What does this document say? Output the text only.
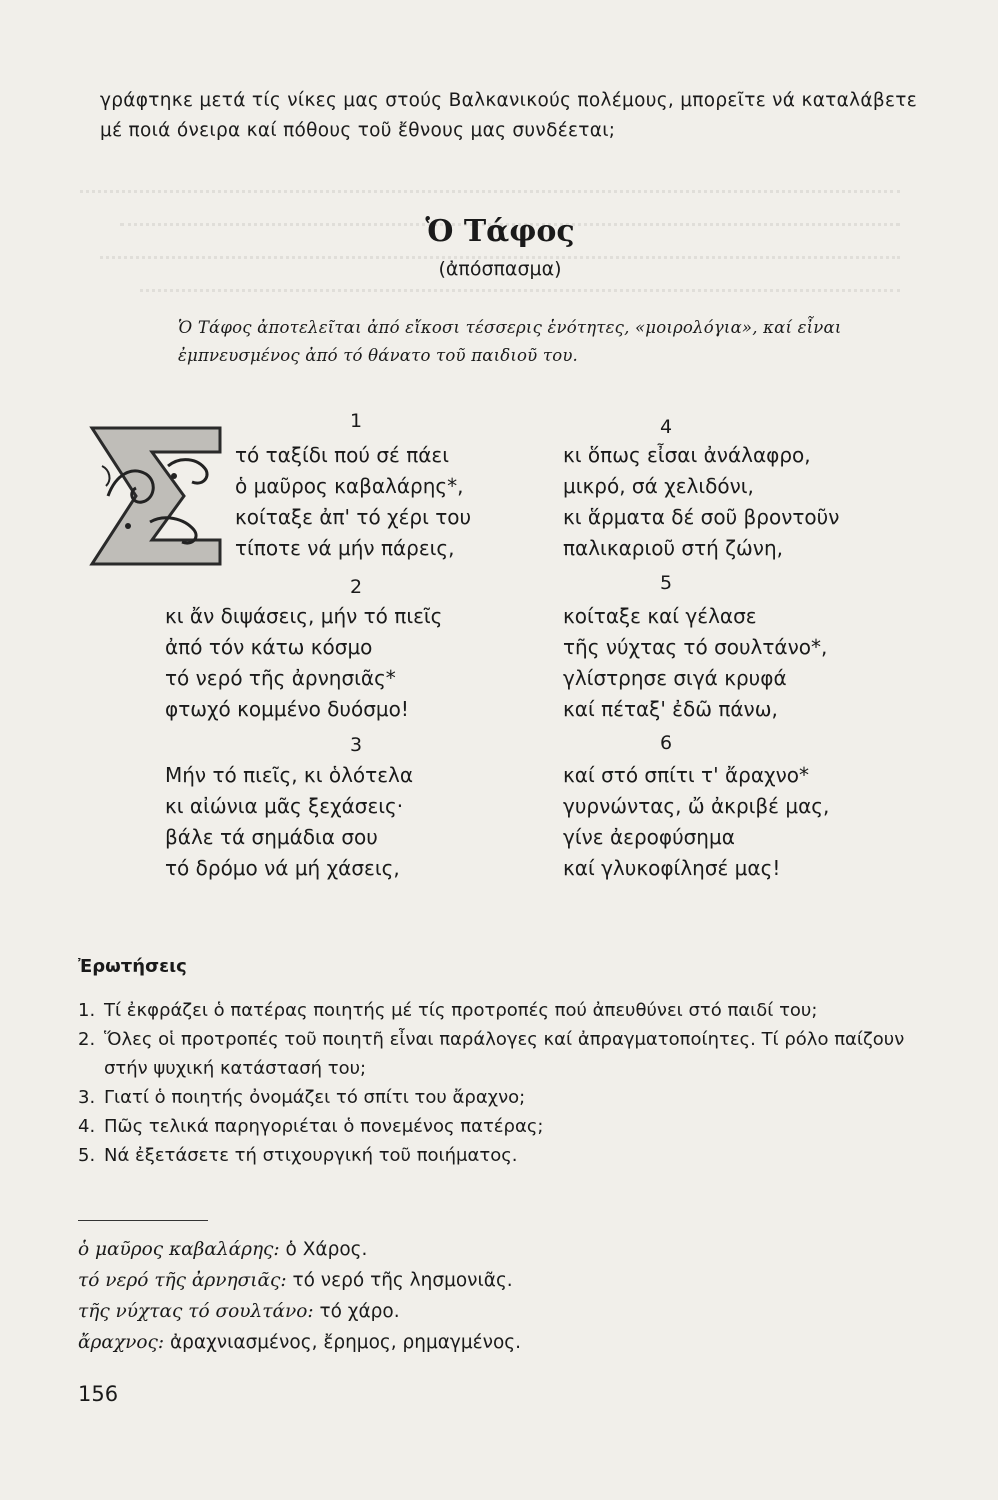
γράφτηκε μετά τίς νίκες μας στούς Βαλκανικούς πολέμους, μπορεῖτε νά καταλάβετε μέ ποιά όνειρα καί πόθους τοῦ ἔθνους μας συνδέεται;
Ὁ Τάφος
(ἀπόσπασμα)
Ὁ Τάφος ἀποτελεῖται ἀπό εἴκοσι τέσσερις ἑνότητες, «μοιρολόγια», καί εἶναι ἐμπνευσμένος ἀπό τό θάνατο τοῦ παιδιοῦ του.
1
τό ταξίδι πού σέ πάει
ὁ μαῦρος καβαλάρης*,
κοίταξε ἀπ' τό χέρι του
τίποτε νά μήν πάρεις,
2
κι ἄν διψάσεις, μήν τό πιεῖς
ἀπό τόν κάτω κόσμο
τό νερό τῆς ἀρνησιᾶς*
φτωχό κομμένο δυόσμο!
3
Μήν τό πιεῖς, κι ὁλότελα
κι αἰώνια μᾶς ξεχάσεις·
βάλε τά σημάδια σου
τό δρόμο νά μή χάσεις,
4
κι ὅπως εἶσαι ἀνάλαφρο,
μικρό, σά χελιδόνι,
κι ἅρματα δέ σοῦ βροντοῦν
παλικαριοῦ στή ζώνη,
5
κοίταξε καί γέλασε
τῆς νύχτας τό σουλτάνο*,
γλίστρησε σιγά κρυφά
καί πέταξ' ἐδῶ πάνω,
6
καί στό σπίτι τ' ἄραχνο*
γυρνώντας, ὤ ἀκριβέ μας,
γίνε ἀεροφύσημα
καί γλυκοφίλησέ μας!
Ἐρωτήσεις
1. Τί ἐκφράζει ὁ πατέρας ποιητής μέ τίς προτροπές πού ἀπευθύνει στό παιδί του;
2. Ὅλες οἱ προτροπές τοῦ ποιητῆ εἶναι παράλογες καί ἀπραγματοποίητες. Τί ρόλο παίζουν στήν ψυχική κατάστασή του;
3. Γιατί ὁ ποιητής ὀνομάζει τό σπίτι του ἄραχνο;
4. Πῶς τελικά παρηγοριέται ὁ πονεμένος πατέρας;
5. Νά ἐξετάσετε τή στιχουργική τοῦ ποιήματος.
ὁ μαῦρος καβαλάρης: ὁ Χάρος.
τό νερό τῆς ἀρνησιᾶς: τό νερό τῆς λησμονιᾶς.
τῆς νύχτας τό σουλτάνο: τό χάρο.
ἄραχνος: ἀραχνιασμένος, ἔρημος, ρημαγμένος.
156
